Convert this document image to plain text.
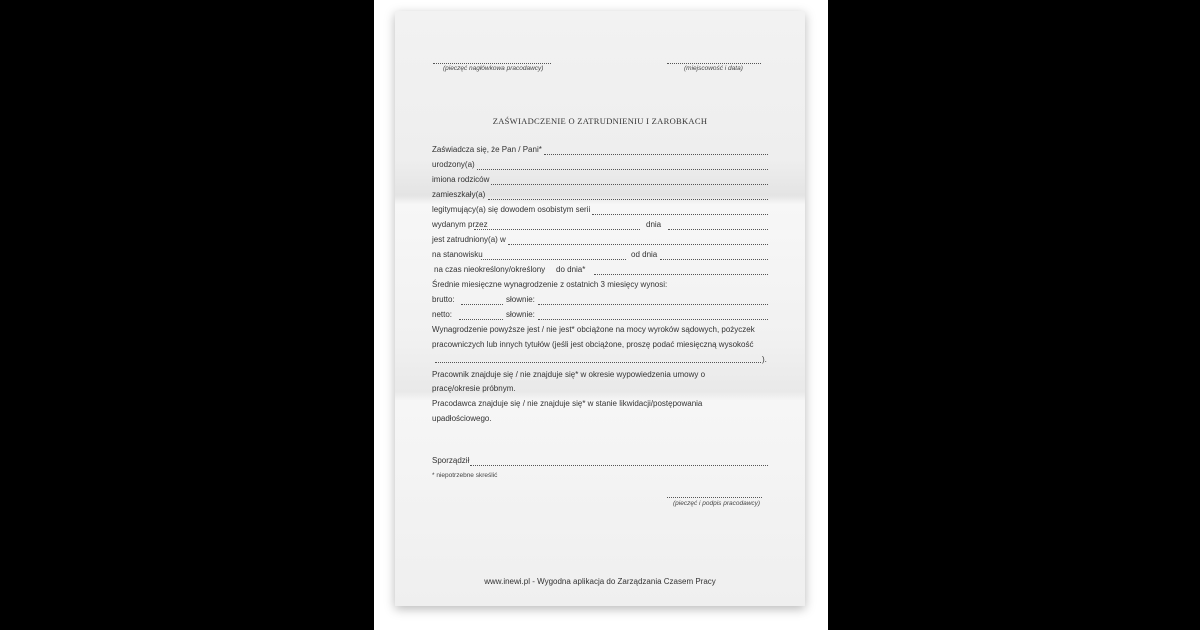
(pieczęć nagłówkowa pracodawcy)	(miejscowość i data)
ZAŚWIADCZENIE O ZATRUDNIENIU I ZAROBKACH
Zaświadcza się, że Pan / Pani*
urodzony(a)
imiona rodziców
zamieszkały(a)
legitymujący(a) się dowodem osobistym serii
wydanym przez	dnia
jest zatrudniony(a) w
na stanowisku	od dnia
na czas nieokreślony/określony do dnia*
Średnie miesięczne wynagrodzenie z ostatnich 3 miesięcy wynosi:
brutto:	słownie:
netto:	słownie:
Wynagrodzenie powyższe jest / nie jest* obciążone na mocy wyroków sądowych, pożyczek
pracowniczych lub innych tytułów (jeśli jest obciążone, proszę podać miesięczną wysokość
).
Pracownik znajduje się / nie znajduje się* w okresie wypowiedzenia umowy o
pracę/okresie próbnym.
Pracodawca znajduje się / nie znajduje się* w stanie likwidacji/postępowania
upadłościowego.
Sporządził
* niepotrzebne skreślić
(pieczęć i podpis pracodawcy)
www.inewi.pl - Wygodna aplikacja do Zarządzania Czasem Pracy
